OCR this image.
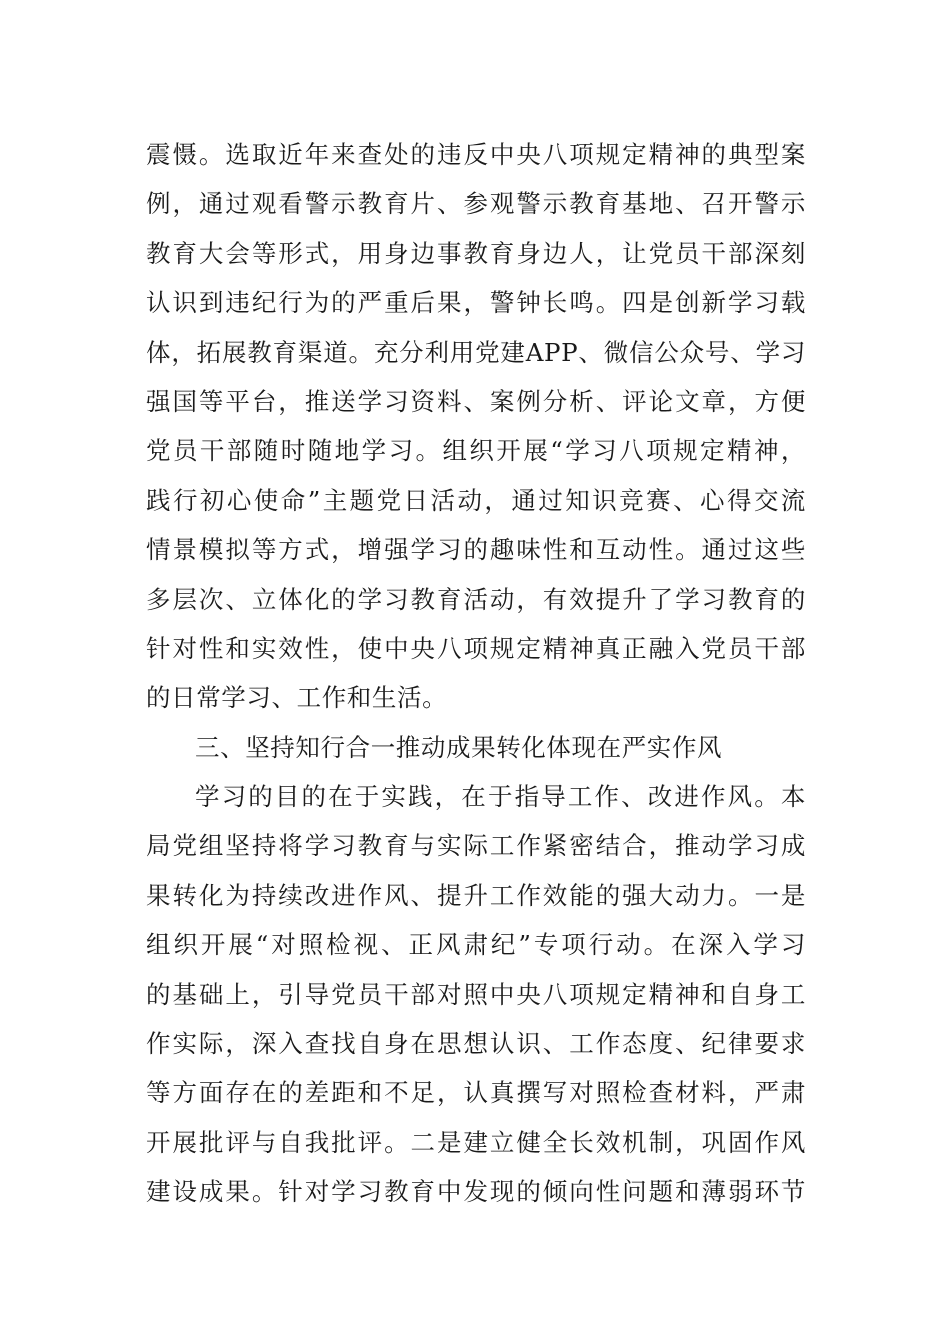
震慑。选取近年来查处的违反中央八项规定精神的典型案
例，通过观看警示教育片、参观警示教育基地、召开警示
教育大会等形式，用身边事教育身边人，让党员干部深刻
认识到违纪行为的严重后果，警钟长鸣。四是创新学习载
体，拓展教育渠道。充分利用党建APP、微信公众号、学习
强国等平台，推送学习资料、案例分析、评论文章，方便
党员干部随时随地学习。组织开展“学习八项规定精神，
践行初心使命”主题党日活动，通过知识竞赛、心得交流
情景模拟等方式，增强学习的趣味性和互动性。通过这些
多层次、立体化的学习教育活动，有效提升了学习教育的
针对性和实效性，使中央八项规定精神真正融入党员干部
的日常学习、工作和生活。
三、坚持知行合一推动成果转化体现在严实作风
学习的目的在于实践，在于指导工作、改进作风。本
局党组坚持将学习教育与实际工作紧密结合，推动学习成
果转化为持续改进作风、提升工作效能的强大动力。一是
组织开展“对照检视、正风肃纪”专项行动。在深入学习
的基础上，引导党员干部对照中央八项规定精神和自身工
作实际，深入查找自身在思想认识、工作态度、纪律要求
等方面存在的差距和不足，认真撰写对照检查材料，严肃
开展批评与自我批评。二是建立健全长效机制，巩固作风
建设成果。针对学习教育中发现的倾向性问题和薄弱环节
